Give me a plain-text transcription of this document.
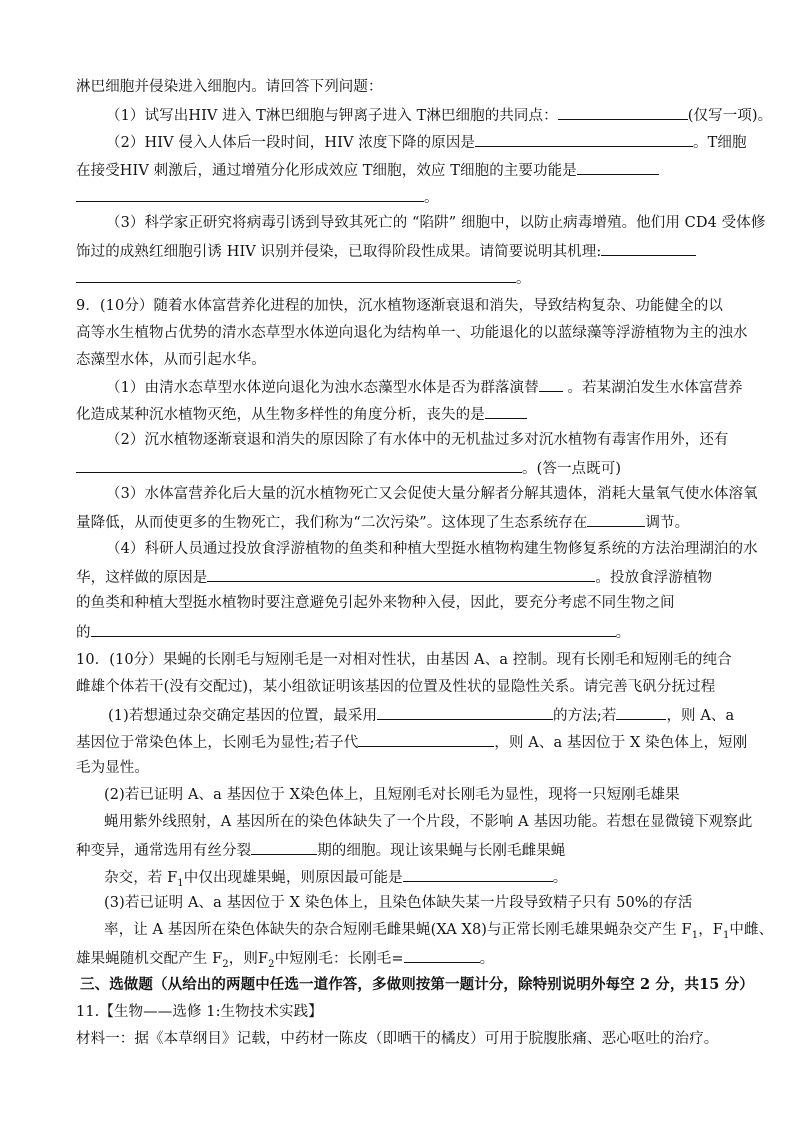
淋巴细胞并侵染进入细胞内。请回答下列问题：
（1）试写出HIV 进入 T淋巴细胞与钾离子进入 T淋巴细胞的共同点：	(仅写一项)。
（2）HIV 侵入人体后一段时间，HIV 浓度下降的原因是	。T细胞
在接受HIV 刺激后，通过增殖分化形成效应 T细胞，效应 T细胞的主要功能是
。
（3）科学家正研究将病毒引诱到导致其死亡的 “陷阱” 细胞中，以防止病毒增殖。他们用 CD4 受体修
饰过的成熟红细胞引诱 HIV 识别并侵染，已取得阶段性成果。请简要说明其机理:
。
9．(10分）随着水体富营养化进程的加快，沉水植物逐渐衰退和消失，导致结构复杂、功能健全的以
高等水生植物占优势的清水态草型水体逆向退化为结构单一、功能退化的以蓝绿藻等浮游植物为主的浊水
态藻型水体，从而引起水华。
（1）由清水态草型水体逆向退化为浊水态藻型水体是否为群落演替 。若某湖泊发生水体富营养
化造成某种沉水植物灭绝，从生物多样性的角度分析，丧失的是
（2）沉水植物逐渐衰退和消失的原因除了有水体中的无机盐过多对沉水植物有毒害作用外，还有
。(答一点既可)
（3）水体富营养化后大量的沉水植物死亡又会促使大量分解者分解其遗体，消耗大量氧气使水体溶氧
量降低，从而使更多的生物死亡，我们称为“二次污染”。这体现了生态系统存在	调节。
（4）科研人员通过投放食浮游植物的鱼类和种植大型挺水植物构建生物修复系统的方法治理湖泊的水
华，这样做的原因是	。投放食浮游植物
的鱼类和种植大型挺水植物时要注意避免引起外来物种入侵，因此，要充分考虑不同生物之间
的	。
10．(10分）果蝇的长刚毛与短刚毛是一对相对性状，由基因 A、a 控制。现有长刚毛和短刚毛的纯合
雌雄个体若干(没有交配过)，某小组欲证明该基因的位置及性状的显隐性关系。请完善飞矾分抚过程
(1)若想通过杂交确定基因的位置，最采用	的方法;若	，则 A、a
基因位于常染色体上，长刚毛为显性;若子代	，则 A、a 基因位于 X 染色体上，短刚
毛为显性。
(2)若已证明 A、a 基因位于 X染色体上，且短刚毛对长刚毛为显性，现将一只短刚毛雄果
蝇用紫外线照射，A 基因所在的染色体缺失了一个片段，不影响 A 基因功能。若想在显微镜下观察此
种变异，通常选用有丝分裂	期的细胞。现让该果蝇与长刚毛雌果蝇
杂交，若 $F_1$中仅出现雄果蝇，则原因最可能是	。
(3)若已证明 A、a 基因位于 X 染色体上，且染色体缺失某一片段导致精子只有 50%的存活
率，让 A 基因所在染色体缺失的杂合短刚毛雌果蝇(XA X8)与正常长刚毛雄果蝇杂交产生 $F_1$，$F_1$中雌、
雄果蝇随机交配产生 $F_2$，则$F_2$中短刚毛：长刚毛=	。
三、选做题（从给出的两题中任选一道作答，多做则按第一题计分，除特别说明外每空 2 分，共15 分）
11.【生物——选修 1:生物技术实践】
材料一：据《本草纲目》记载，中药材一陈皮（即晒干的橘皮）可用于脘腹胀痛、恶心呕吐的治疗。
